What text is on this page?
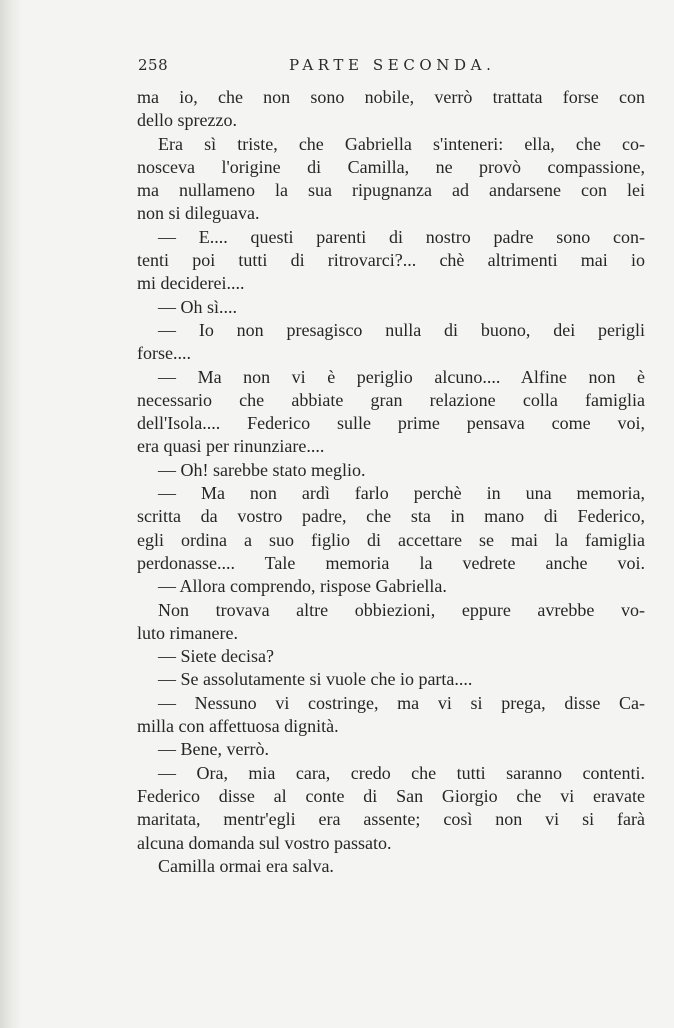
258	PARTE SECONDA.
ma io, che non sono nobile, verrò trattata forse con
dello sprezzo.
Era sì triste, che Gabriella s'inteneri: ella, che co-
nosceva l'origine di Camilla, ne provò compassione,
ma nullameno la sua ripugnanza ad andarsene con lei
non si dileguava.
— E.... questi parenti di nostro padre sono con-
tenti poi tutti di ritrovarci?... chè altrimenti mai io
mi deciderei....
— Oh sì....
— Io non presagisco nulla di buono, dei perigli
forse....
— Ma non vi è periglio alcuno.... Alfine non è
necessario che abbiate gran relazione colla famiglia
dell'Isola.... Federico sulle prime pensava come voi,
era quasi per rinunziare....
— Oh! sarebbe stato meglio.
— Ma non ardì farlo perchè in una memoria,
scritta da vostro padre, che sta in mano di Federico,
egli ordina a suo figlio di accettare se mai la famiglia
perdonasse.... Tale memoria la vedrete anche voi.
— Allora comprendo, rispose Gabriella.
Non trovava altre obbiezioni, eppure avrebbe vo-
luto rimanere.
— Siete decisa?
— Se assolutamente si vuole che io parta....
— Nessuno vi costringe, ma vi si prega, disse Ca-
milla con affettuosa dignità.
— Bene, verrò.
— Ora, mia cara, credo che tutti saranno contenti.
Federico disse al conte di San Giorgio che vi eravate
maritata, mentr'egli era assente; così non vi si farà
alcuna domanda sul vostro passato.
Camilla ormai era salva.
